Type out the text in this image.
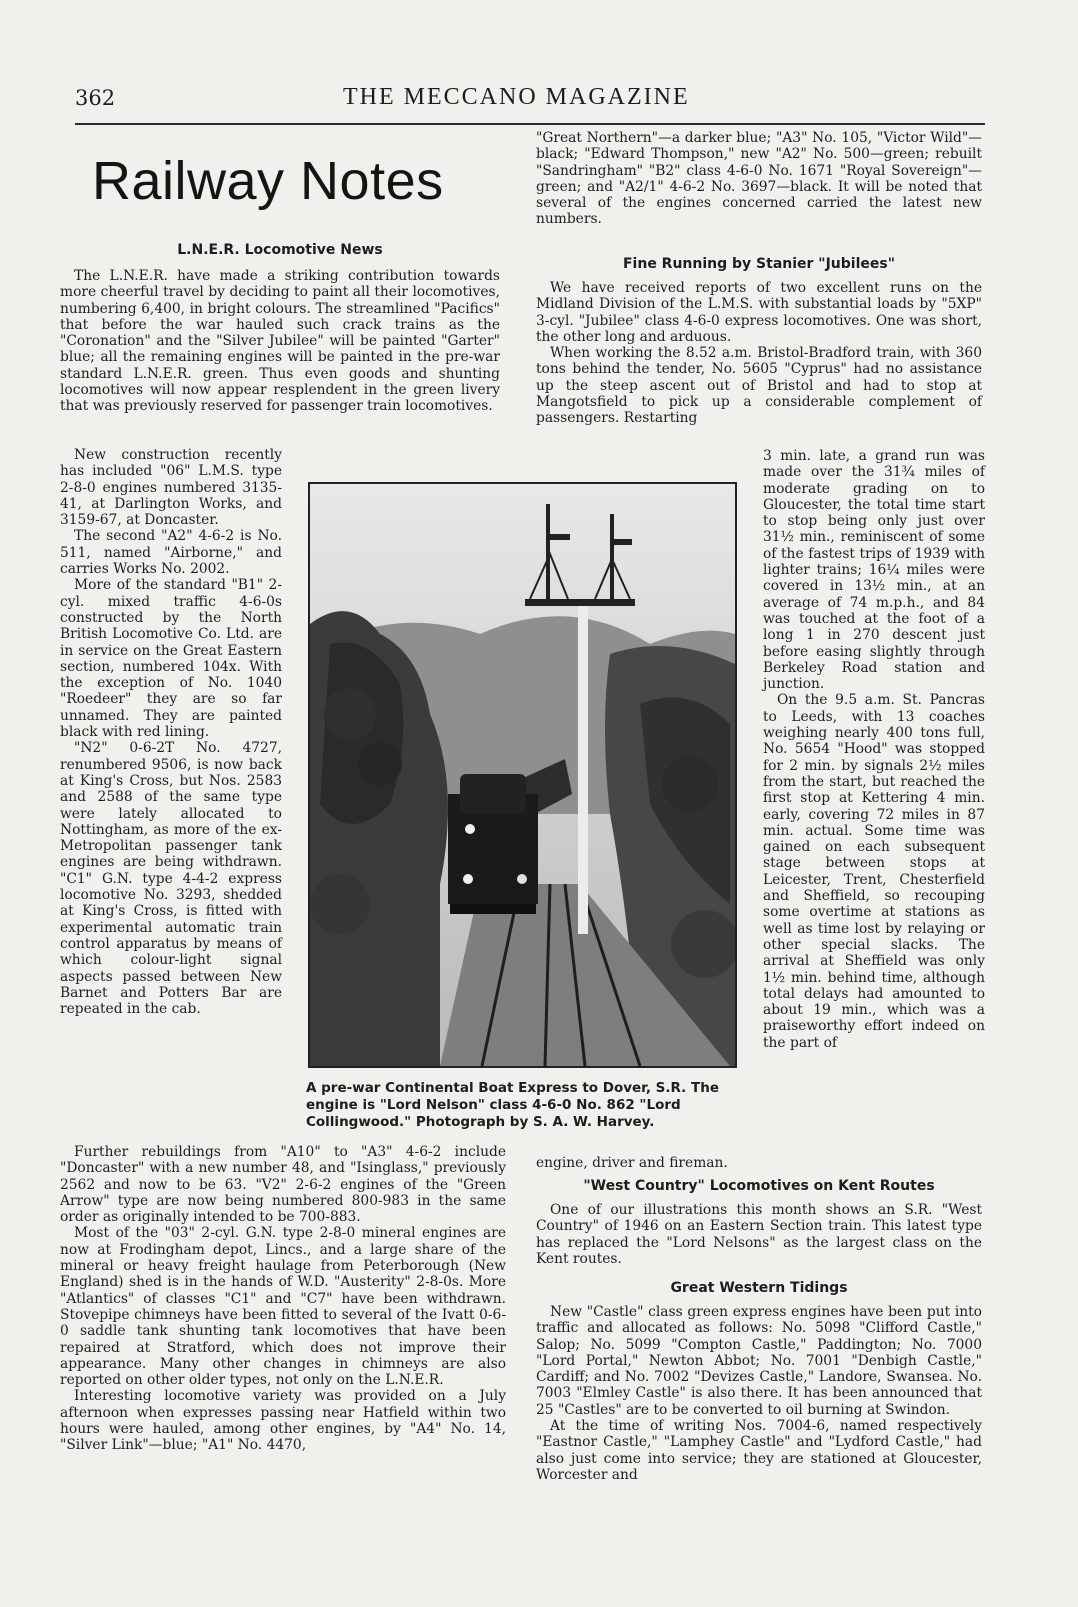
362	THE MECCANO MAGAZINE
Railway Notes
L.N.E.R. Locomotive News

The L.N.E.R. have made a striking contribution towards more cheerful travel by deciding to paint all their locomotives, numbering 6,400, in bright colours. The streamlined "Pacifics" that before the war hauled such crack trains as the "Coronation" and the "Silver Jubilee" will be painted "Garter" blue; all the remaining engines will be painted in the pre-war standard L.N.E.R. green. Thus even goods and shunting locomotives will now appear resplendent in the green livery that was previously reserved for passenger train locomotives.

New construction recently has included "06" L.M.S. type 2-8-0 engines numbered 3135-41, at Darlington Works, and 3159-67, at Doncaster.

The second "A2" 4-6-2 is No. 511, named "Airborne," and carries Works No. 2002.

More of the standard "B1" 2-cyl. mixed traffic 4-6-0s constructed by the North British Locomotive Co. Ltd. are in service on the Great Eastern section, numbered 104x. With the exception of No. 1040 "Roedeer" they are so far unnamed. They are painted black with red lining.

"N2" 0-6-2T No. 4727, renumbered 9506, is now back at King's Cross, but Nos. 2583 and 2588 of the same type were lately allocated to Nottingham, as more of the ex-Metropolitan passenger tank engines are being withdrawn. "C1" G.N. type 4-4-2 express locomotive No. 3293, shedded at King's Cross, is fitted with experimental automatic train control apparatus by means of which colour-light signal aspects passed between New Barnet and Potters Bar are repeated in the cab.

Further rebuildings from "A10" to "A3" 4-6-2 include "Doncaster" with a new number 48, and "Isinglass," previously 2562 and now to be 63. "V2" 2-6-2 engines of the "Green Arrow" type are now being numbered 800-983 in the same order as originally intended to be 700-883.

Most of the "03" 2-cyl. G.N. type 2-8-0 mineral engines are now at Frodingham depot, Lincs., and a large share of the mineral or heavy freight haulage from Peterborough (New England) shed is in the hands of W.D. "Austerity" 2-8-0s. More "Atlantics" of classes "C1" and "C7" have been withdrawn. Stovepipe chimneys have been fitted to several of the Ivatt 0-6-0 saddle tank shunting tank locomotives that have been repaired at Stratford, which does not improve their appearance. Many other changes in chimneys are also reported on other older types, not only on the L.N.E.R.

Interesting locomotive variety was provided on a July afternoon when expresses passing near Hatfield within two hours were hauled, among other engines, by "A4" No. 14, "Silver Link"—blue; "A1" No. 4470,

"Great Northern"—a darker blue; "A3" No. 105, "Victor Wild"—black; "Edward Thompson," new "A2" No. 500—green; rebuilt "Sandringham" "B2" class 4-6-0 No. 1671 "Royal Sovereign"—green; and "A2/1" 4-6-2 No. 3697—black. It will be noted that several of the engines concerned carried the latest new numbers.

Fine Running by Stanier "Jubilees"

We have received reports of two excellent runs on the Midland Division of the L.M.S. with substantial loads by "5XP" 3-cyl. "Jubilee" class 4-6-0 express locomotives. One was short, the other long and arduous.

When working the 8.52 a.m. Bristol-Bradford train, with 360 tons behind the tender, No. 5605 "Cyprus" had no assistance up the steep ascent out of Bristol and had to stop at Mangotsfield to pick up a considerable complement of passengers. Restarting

3 min. late, a grand run was made over the 31¾ miles of moderate grading on to Gloucester, the total time start to stop being only just over 31½ min., reminiscent of some of the fastest trips of 1939 with lighter trains; 16¼ miles were covered in 13½ min., at an average of 74 m.p.h., and 84 was touched at the foot of a long 1 in 270 descent just before easing slightly through Berkeley Road station and junction.

On the 9.5 a.m. St. Pancras to Leeds, with 13 coaches weighing nearly 400 tons full, No. 5654 "Hood" was stopped for 2 min. by signals 2½ miles from the start, but reached the first stop at Kettering 4 min. early, covering 72 miles in 87 min. actual. Some time was gained on each subsequent stage between stops at Leicester, Trent, Chesterfield and Sheffield, so recouping some overtime at stations as well as time lost by relaying or other special slacks. The arrival at Sheffield was only 1½ min. behind time, although total delays had amounted to about 19 min., which was a praiseworthy effort indeed on the part of

engine, driver and fireman.

"West Country" Locomotives on Kent Routes

One of our illustrations this month shows an S.R. "West Country" of 1946 on an Eastern Section train. This latest type has replaced the "Lord Nelsons" as the largest class on the Kent routes.

Great Western Tidings

New "Castle" class green express engines have been put into traffic and allocated as follows: No. 5098 "Clifford Castle," Salop; No. 5099 "Compton Castle," Paddington; No. 7000 "Lord Portal," Newton Abbot; No. 7001 "Denbigh Castle," Cardiff; and No. 7002 "Devizes Castle," Landore, Swansea. No. 7003 "Elmley Castle" is also there. It has been announced that 25 "Castles" are to be converted to oil burning at Swindon.

At the time of writing Nos. 7004-6, named respectively "Eastnor Castle," "Lamphey Castle" and "Lydford Castle," had also just come into service; they are stationed at Gloucester, Worcester and

A pre-war Continental Boat Express to Dover, S.R. The engine is "Lord Nelson" class 4-6-0 No. 862 "Lord Collingwood." Photograph by S. A. W. Harvey.
